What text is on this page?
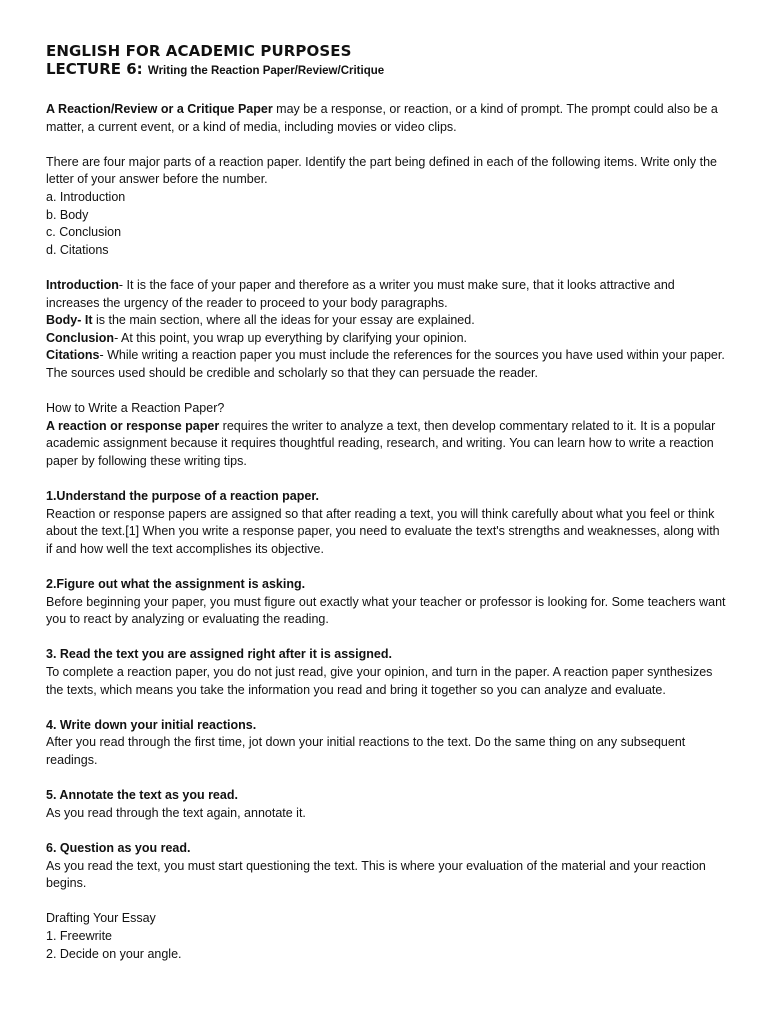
ENGLISH FOR ACADEMIC PURPOSES

LECTURE 6: Writing the Reaction Paper/Review/Critique

A Reaction/Review or a Critique Paper may be a response, or reaction, or a kind of prompt. The prompt could also be a matter, a current event, or a kind of media, including movies or video clips.

There are four major parts of a reaction paper. Identify the part being defined in each of the following items. Write only the letter of your answer before the number.

a. Introduction

b. Body

c. Conclusion

d. Citations

Introduction- It is the face of your paper and therefore as a writer you must make sure, that it looks attractive and increases the urgency of the reader to proceed to your body paragraphs.

Body- It is the main section, where all the ideas for your essay are explained.

Conclusion- At this point, you wrap up everything by clarifying your opinion.

Citations- While writing a reaction paper you must include the references for the sources you have used within your paper. The sources used should be credible and scholarly so that they can persuade the reader.

How to Write a Reaction Paper?

A reaction or response paper requires the writer to analyze a text, then develop commentary related to it. It is a popular academic assignment because it requires thoughtful reading, research, and writing. You can learn how to write a reaction paper by following these writing tips.

1.Understand the purpose of a reaction paper.

Reaction or response papers are assigned so that after reading a text, you will think carefully about what you feel or think about the text.[1] When you write a response paper, you need to evaluate the text's strengths and weaknesses, along with if and how well the text accomplishes its objective.

2.Figure out what the assignment is asking.

Before beginning your paper, you must figure out exactly what your teacher or professor is looking for. Some teachers want you to react by analyzing or evaluating the reading.

3. Read the text you are assigned right after it is assigned.

To complete a reaction paper, you do not just read, give your opinion, and turn in the paper. A reaction paper synthesizes the texts, which means you take the information you read and bring it together so you can analyze and evaluate.

4. Write down your initial reactions.

After you read through the first time, jot down your initial reactions to the text. Do the same thing on any subsequent readings.

5. Annotate the text as you read.

As you read through the text again, annotate it.

6. Question as you read.

As you read the text, you must start questioning the text. This is where your evaluation of the material and your reaction begins.

Drafting Your Essay

1. Freewrite

2. Decide on your angle.
